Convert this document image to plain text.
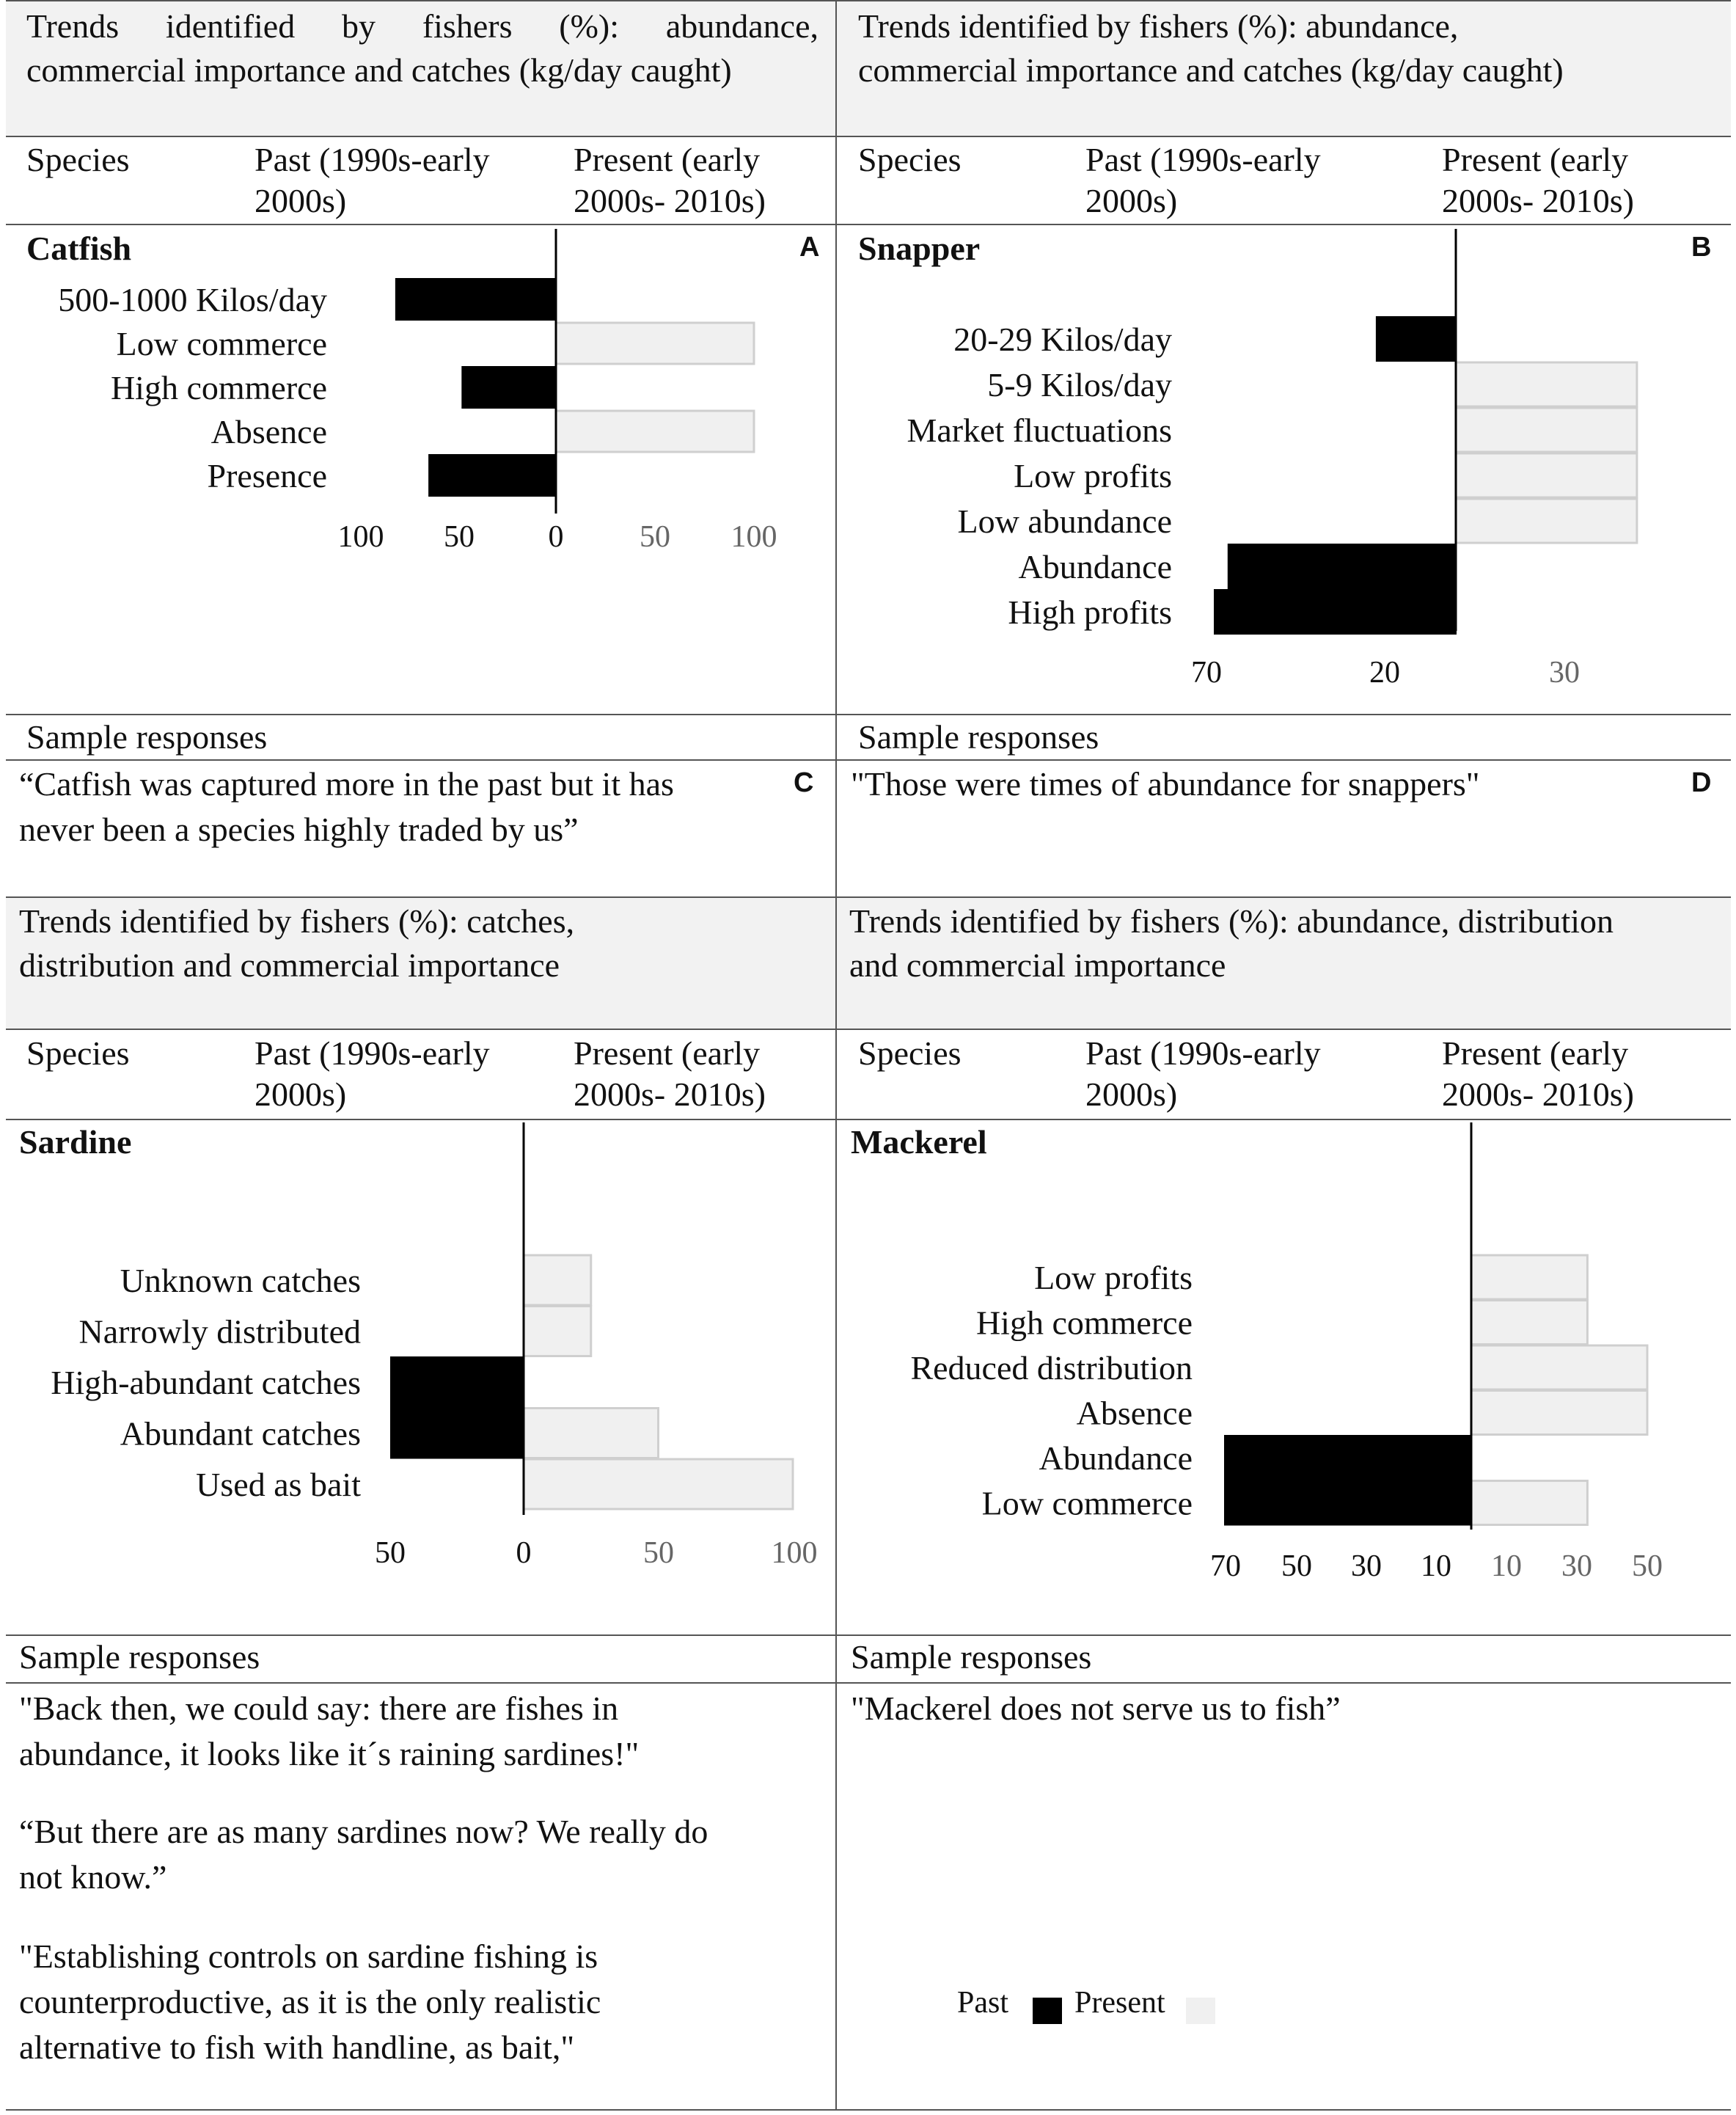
Trends identified by fishers (%): abundance,
commercial importance and catches (kg/day caught)
Trends identified by fishers (%): abundance,
commercial importance and catches (kg/day caught)
Trends identified by fishers (%): catches,
distribution and commercial importance
Trends identified by fishers (%): abundance, distribution
and commercial importance
Species	Past (1990s-early 2000s)
Present (early 2000s- 2010s)
Species	Past (1990s-early 2000s)
Present (early 2000s- 2010s)
Species	Past (1990s-early 2000s)
Present (early 2000s- 2010s)
Species	Past (1990s-early 2000s)
Present (early 2000s- 2010s)
Catfish	Snapper
Sardine	Mackerel
A	B
C	D
500-1000 Kilos/day
Low commerce
High commerce
Absence
Presence
100 50 0 50 100
20-29 Kilos/day
5-9 Kilos/day
Market fluctuations
Low profits
Low abundance
Abundance
High profits
70	20	30
Unknown catches
Narrowly distributed
High-abundant catches
Abundant catches
Used as bait
50	0	50	100
Low profits
High commerce
Reduced distribution
Absence
Abundance
Low commerce
70 50 30 10 10 30 50
Sample responses	Sample responses
Sample responses	Sample responses
“Catfish was captured more in the past but it has
never been a species highly traded by us”
"Those were times of abundance for snappers"
"Back then, we could say: there are fishes in
abundance, it looks like it´s raining sardines!"
“But there are as many sardines now? We really do
not know.”
"Establishing controls on sardine fishing is
counterproductive, as it is the only realistic
alternative to fish with handline, as bait,"
"Mackerel does not serve us to fish”
Past Present
